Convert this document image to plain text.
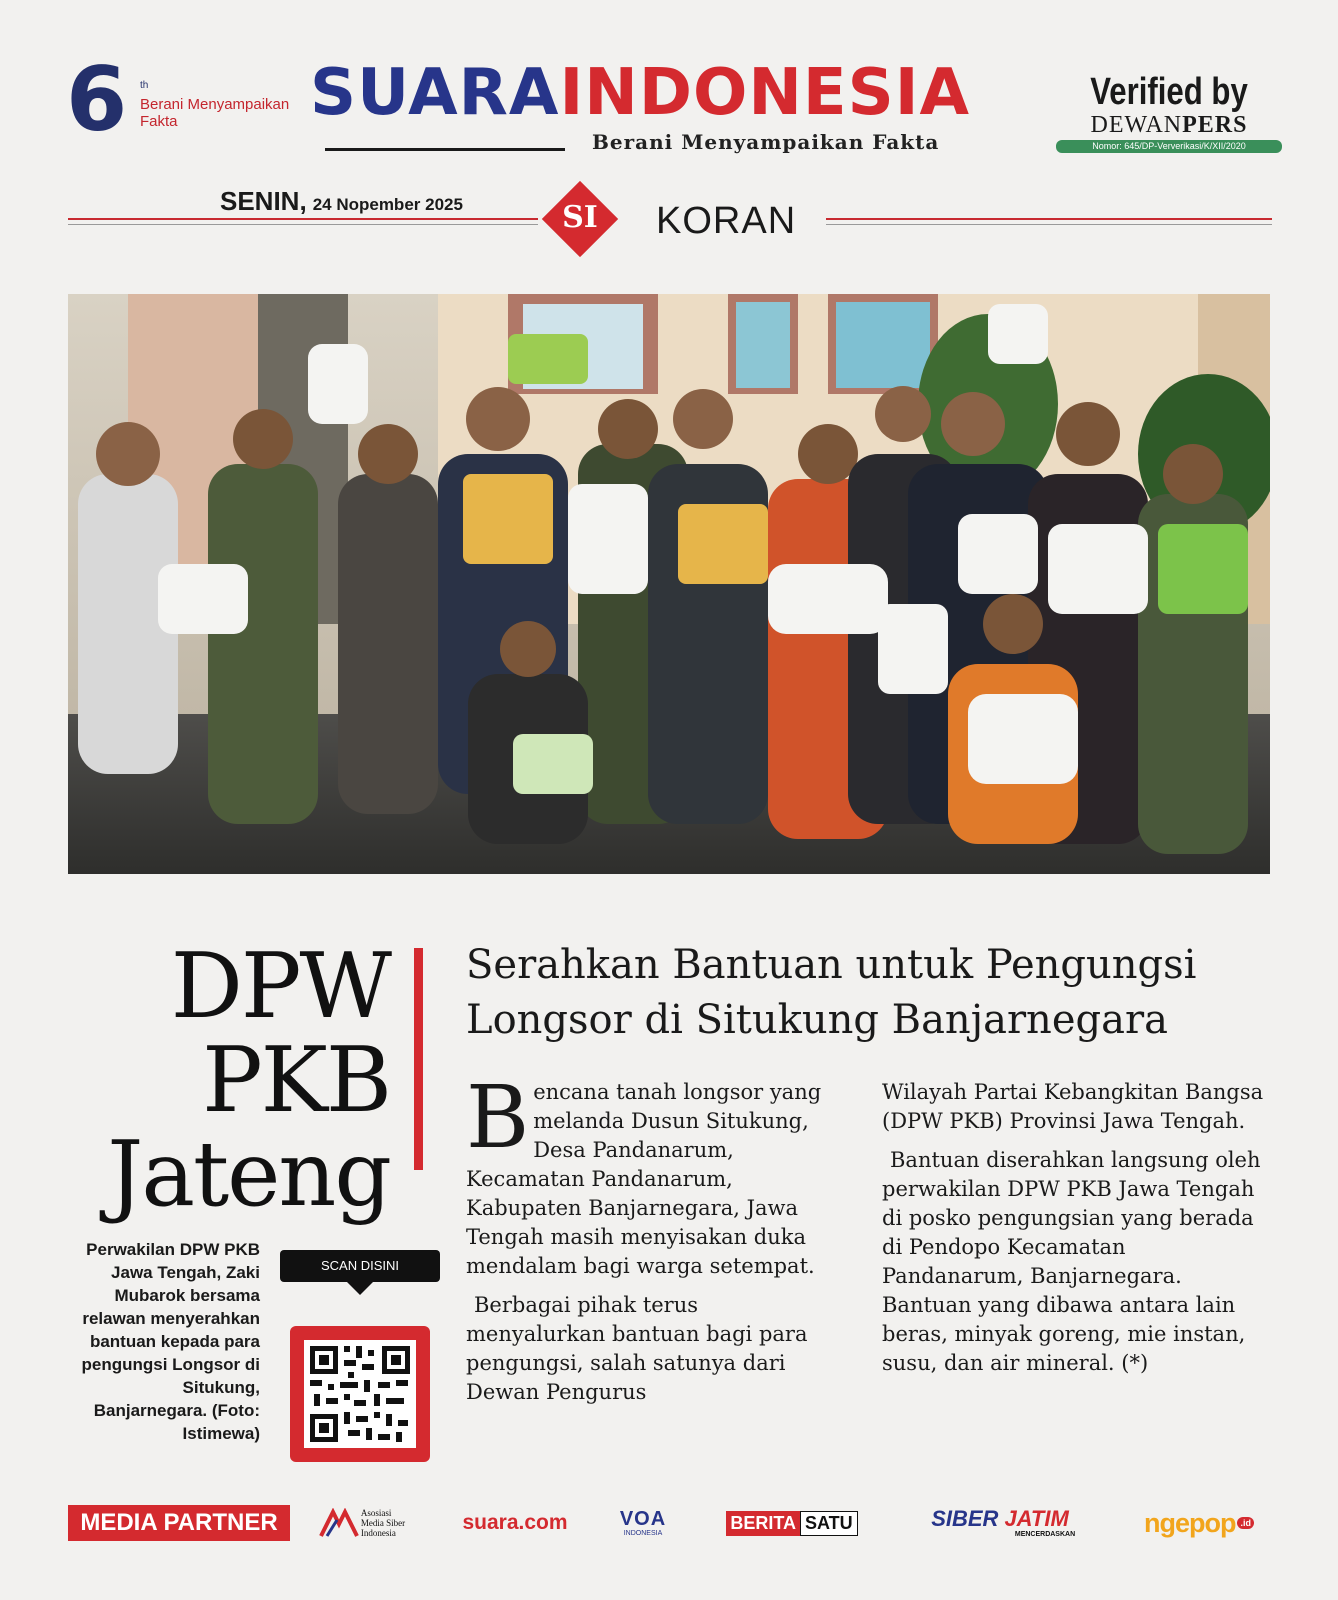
6 th
Berani Menyampaikan Fakta	SUARAINDONESIA
Berani Menyampaikan Fakta
Verified by
DEWANPERS
Nomor: 645/DP-Ververikasi/K/XII/2020
SENIN, 24 Nopember 2025	SI	KORAN
DPW
PKB
Jateng
Serahkan Bantuan untuk Pengungsi Longsor di Situkung Banjarnegara
Perwakilan DPW PKB Jawa Tengah, Zaki Mubarok bersama relawan menyerahkan bantuan kepada para pengungsi Longsor di Situkung, Banjarnegara. (Foto: Istimewa)
SCAN DISINI

Bencana tanah longsor yang melanda Dusun Situkung, Desa Pandanarum, Kecamatan Pandanarum, Kabupaten Banjarnegara, Jawa Tengah masih menyisakan duka mendalam bagi warga setempat.

Berbagai pihak terus menyalurkan bantuan bagi para pengungsi, salah satunya dari Dewan Pengurus

Wilayah Partai Kebangkitan Bangsa (DPW PKB) Provinsi Jawa Tengah.

Bantuan diserahkan langsung oleh perwakilan DPW PKB Jawa Tengah di posko pengungsian yang berada di Pendopo Kecamatan Pandanarum, Banjarnegara. Bantuan yang dibawa antara lain beras, minyak goreng, mie instan, susu, dan air mineral. (*)

MEDIA PARTNER	Asosiasi
Media Siber
Indonesia	suara.com	VOA
INDONESIA
BERITA SATU	SIBER JATIM
MENCERDASKAN	ngepop .id
